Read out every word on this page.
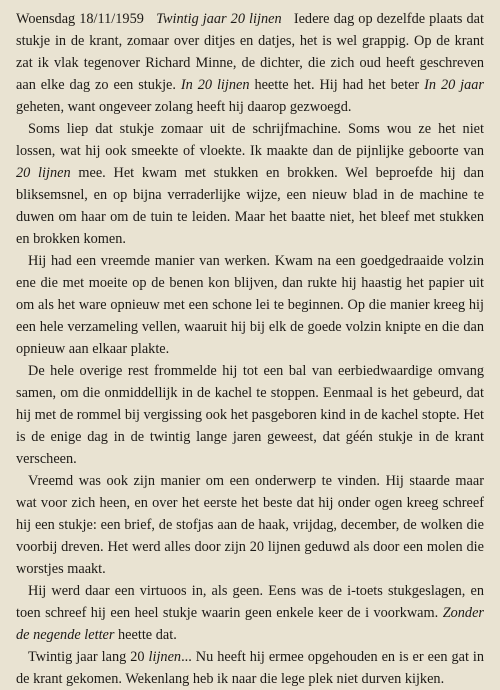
Woensdag 18/11/1959 Twintig jaar 20 lijnen Iedere dag op dezelfde plaats dat stukje in de krant, zomaar over ditjes en datjes, het is wel grappig. Op de krant zat ik vlak tegenover Richard Minne, de dichter, die zich oud heeft geschreven aan elke dag zo een stukje. In 20 lijnen heette het. Hij had het beter In 20 jaar geheten, want ongeveer zolang heeft hij daarop gezwoegd.

Soms liep dat stukje zomaar uit de schrijfmachine. Soms wou ze het niet lossen, wat hij ook smeekte of vloekte. Ik maakte dan de pijnlijke geboorte van 20 lijnen mee. Het kwam met stukken en brokken. Wel beproefde hij dan bliksemsnel, en op bijna verraderlijke wijze, een nieuw blad in de machine te duwen om haar om de tuin te leiden. Maar het baatte niet, het bleef met stukken en brokken komen.

Hij had een vreemde manier van werken. Kwam na een goedgedraaide volzin ene die met moeite op de benen kon blijven, dan rukte hij haastig het papier uit om als het ware opnieuw met een schone lei te beginnen. Op die manier kreeg hij een hele verzameling vellen, waaruit hij bij elk de goede volzin knipte en die dan opnieuw aan elkaar plakte.

De hele overige rest frommelde hij tot een bal van eerbiedwaardige omvang samen, om die onmiddellijk in de kachel te stoppen. Eenmaal is het gebeurd, dat hij met de rommel bij vergissing ook het pasgeboren kind in de kachel stopte. Het is de enige dag in de twintig lange jaren geweest, dat géén stukje in de krant verscheen.

Vreemd was ook zijn manier om een onderwerp te vinden. Hij staarde maar wat voor zich heen, en over het eerste het beste dat hij onder ogen kreeg schreef hij een stukje: een brief, de stofjas aan de haak, vrijdag, december, de wolken die voorbij dreven. Het werd alles door zijn 20 lijnen geduwd als door een molen die worstjes maakt.

Hij werd daar een virtuoos in, als geen. Eens was de i-toets stukgeslagen, en toen schreef hij een heel stukje waarin geen enkele keer de i voorkwam. Zonder de negende letter heette dat.

Twintig jaar lang 20 lijnen... Nu heeft hij ermee opgehouden en is er een gat in de krant gekomen. Wekenlang heb ik naar die lege plek niet durven kijken.
